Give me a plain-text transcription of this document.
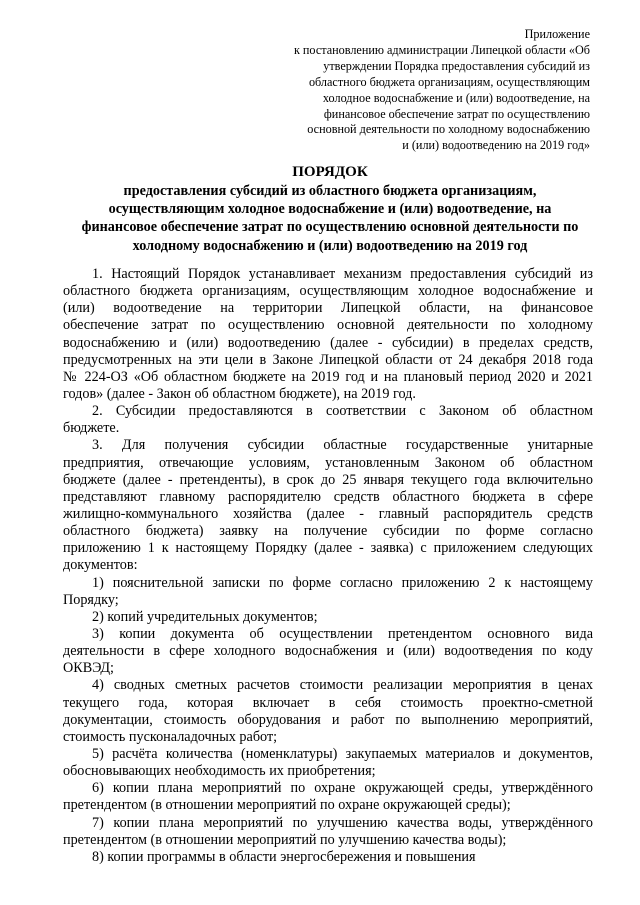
Приложение
к постановлению администрации Липецкой области «Об
утверждении Порядка предоставления субсидий из
областного бюджета организациям, осуществляющим
холодное водоснабжение и (или) водоотведение, на
финансовое обеспечение затрат по осуществлению
основной деятельности по холодному водоснабжению
и (или) водоотведению на 2019 год»
ПОРЯДОК
предоставления субсидий из областного бюджета организациям,
осуществляющим холодное водоснабжение и (или) водоотведение, на
финансовое обеспечение затрат по осуществлению основной деятельности по
холодному водоснабжению и (или) водоотведению на 2019 год
1. Настоящий Порядок устанавливает механизм предоставления субсидий из
областного бюджета организациям, осуществляющим холодное водоснабжение и
(или) водоотведение на территории Липецкой области, на финансовое
обеспечение затрат по осуществлению основной деятельности по холодному
водоснабжению и (или) водоотведению (далее - субсидии) в пределах средств,
предусмотренных на эти цели в Законе Липецкой области от 24 декабря 2018 года
№ 224-ОЗ «Об областном бюджете на 2019 год и на плановый период 2020 и 2021
годов» (далее - Закон об областном бюджете), на 2019 год.
2. Субсидии предоставляются в соответствии с Законом об областном
бюджете.
3. Для получения субсидии областные государственные унитарные
предприятия, отвечающие условиям, установленным Законом об областном
бюджете (далее - претенденты), в срок до 25 января текущего года включительно
представляют главному распорядителю средств областного бюджета в сфере
жилищно-коммунального хозяйства (далее - главный распорядитель средств
областного бюджета) заявку на получение субсидии по форме согласно
приложению 1 к настоящему Порядку (далее - заявка) с приложением следующих
документов:
1) пояснительной записки по форме согласно приложению 2 к настоящему
Порядку;
2) копий учредительных документов;
3) копии документа об осуществлении претендентом основного вида
деятельности в сфере холодного водоснабжения и (или) водоотведения по коду
ОКВЭД;
4) сводных сметных расчетов стоимости реализации мероприятия в ценах
текущего года, которая включает в себя стоимость проектно-сметной
документации, стоимость оборудования и работ по выполнению мероприятий,
стоимость пусконаладочных работ;
5) расчёта количества (номенклатуры) закупаемых материалов и документов,
обосновывающих необходимость их приобретения;
6) копии плана мероприятий по охране окружающей среды, утверждённого
претендентом (в отношении мероприятий по охране окружающей среды);
7) копии плана мероприятий по улучшению качества воды, утверждённого
претендентом (в отношении мероприятий по улучшению качества воды);
8) копии программы в области энергосбережения и повышения
